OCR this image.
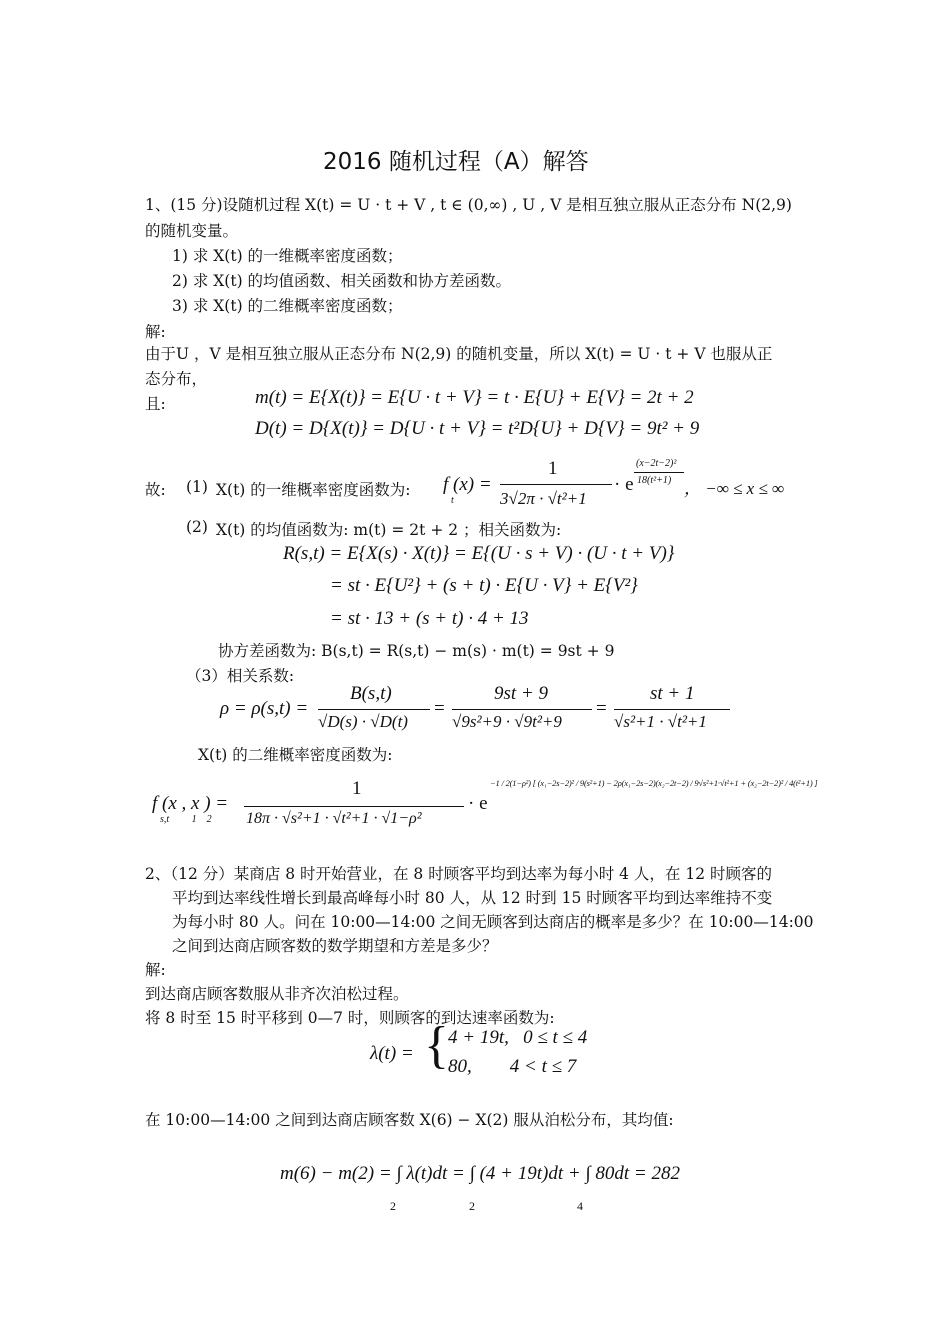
2016 随机过程（A）解答
1、(15 分)设随机过程 X(t) = U · t + V , t ∈ (0,∞) , U , V 是相互独立服从正态分布 N(2,9)
的随机变量。
1) 求 X(t) 的一维概率密度函数；
2) 求 X(t) 的均值函数、相关函数和协方差函数。
3) 求 X(t) 的二维概率密度函数；
解:
由于U ，V 是相互独立服从正态分布 N(2,9) 的随机变量，所以 X(t) = U · t + V 也服从正
态分布，
且:	m(t) = E{X(t)} = E{U · t + V} = t · E{U} + E{V} = 2t + 2
D(t) = D{X(t)} = D{U · t + V} = t²D{U} + D{V} = 9t² + 9
故: (1) X(t) 的一维概率密度函数为: f (x) =
t
1
3√2π · √t²+1
· e
(x−2t−2)²
18(t²+1) ， −∞ ≤ x ≤ ∞
(2) X(t) 的均值函数为: m(t) = 2t + 2 ；相关函数为:
R(s,t) = E{X(s) · X(t)} = E{(U · s + V) · (U · t + V)}
= st · E{U²} + (s + t) · E{U · V} + E{V²}
= st · 13 + (s + t) · 4 + 13
协方差函数为: B(s,t) = R(s,t) − m(s) · m(t) = 9st + 9
（3）相关系数:
ρ = ρ(s,t) =
B(s,t)
√D(s) · √D(t)
=
9st + 9
√9s²+9 · √9t²+9
=
st + 1
√s²+1 · √t²+1
X(t) 的二维概率密度函数为:
f (x , x ) =
s,t         1    2
1
18π · √s²+1 · √t²+1 · √1−ρ²
· e
−1 / 2(1−ρ²) [ (x₁−2s−2)² / 9(s²+1) − 2ρ(x₁−2s−2)(x₂−2t−2) / 9√s²+1·√t²+1 + (x₂−2t−2)² / 4(t²+1) ]
2、（12 分）某商店 8 时开始营业，在 8 时顾客平均到达率为每小时 4 人，在 12 时顾客的
平均到达率线性增长到最高峰每小时 80 人，从 12 时到 15 时顾客平均到达率维持不变
为每小时 80 人。问在 10:00—14:00 之间无顾客到达商店的概率是多少？在 10:00—14:00
之间到达商店顾客数的数学期望和方差是多少？
解:
到达商店顾客数服从非齐次泊松过程。
将 8 时至 15 时平移到 0—7 时，则顾客的到达速率函数为:
λ(t) = { 4 + 19t,   0 ≤ t ≤ 4
80,        4 < t ≤ 7
在 10:00—14:00 之间到达商店顾客数 X(6) − X(2) 服从泊松分布，其均值:
m(6) − m(2) = ∫ λ(t)dt = ∫ (4 + 19t)dt + ∫ 80dt = 282
2	2	4
